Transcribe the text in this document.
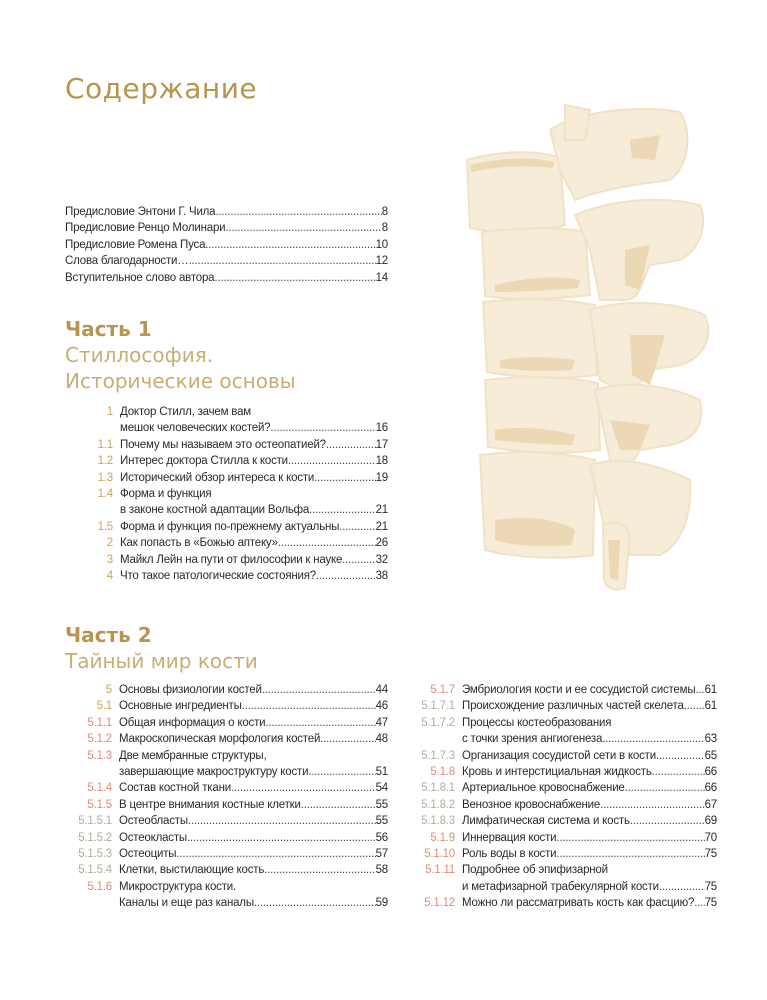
Содержание
Предисловие Энтони Г. Чила .....	8
Предисловие Ренцо Молинари .....	8
Предисловие Ромена Пуса .....	10
Слова благодарности… .....	12
Вступительное слово автора .....	14
Часть 1
Стиллософия.
Исторические основы
1 Доктор Стилл, зачем вам
мешок человеческих костей? .....	16
1.1 Почему мы называем это остеопатией? .....	17
1.2 Интерес доктора Стилла к кости .....	18
1.3 Исторический обзор интереса к кости .....	19
1.4 Форма и функция
в законе костной адаптации Вольфа .....	21
1.5 Форма и функция по-прежнему актуальны .....	21
2 Как попасть в «Божью аптеку» .....	26
3 Майкл Лейн на пути от философии к науке .....	32
4 Что такое патологические состояния? .....	38
Часть 2
Тайный мир кости
5 Основы физиологии костей .....	44
5.1 Основные ингредиенты .....	46
5.1.1 Общая информация о кости .....	47
5.1.2 Макроскопическая морфология костей .....	48
5.1.3 Две мембранные структуры,
завершающие макроструктуру кости .....	51
5.1.4 Состав костной ткани .....	54
5.1.5 В центре внимания костные клетки .....	55
5.1.5.1 Остеобласты .....	55
5.1.5.2 Остеокласты .....	56
5.1.5.3 Остеоциты .....	57
5.1.5.4 Клетки, выстилающие кость .....	58
5.1.6 Микроструктура кости.
Каналы и еще раз каналы .....	59
5.1.7 Эмбриология кости и ее сосудистой системы ..... 61
5.1.7.1 Происхождение различных частей скелета ..... 61
5.1.7.2 Процессы костеобразования
с точки зрения ангиогенеза .....	63
5.1.7.3 Организация сосудистой сети в кости .....	65
5.1.8 Кровь и интерстициальная жидкость .....	66
5.1.8.1 Артериальное кровоснабжение .....	66
5.1.8.2 Венозное кровоснабжение .....	67
5.1.8.3 Лимфатическая система и кость .....	69
5.1.9 Иннервация кости .....	70
5.1.10 Роль воды в кости .....	75
5.1.11 Подробнее об эпифизарной
и метафизарной трабекулярной кости .....	75
5.1.12 Можно ли рассматривать кость как фасцию? ..... 75
